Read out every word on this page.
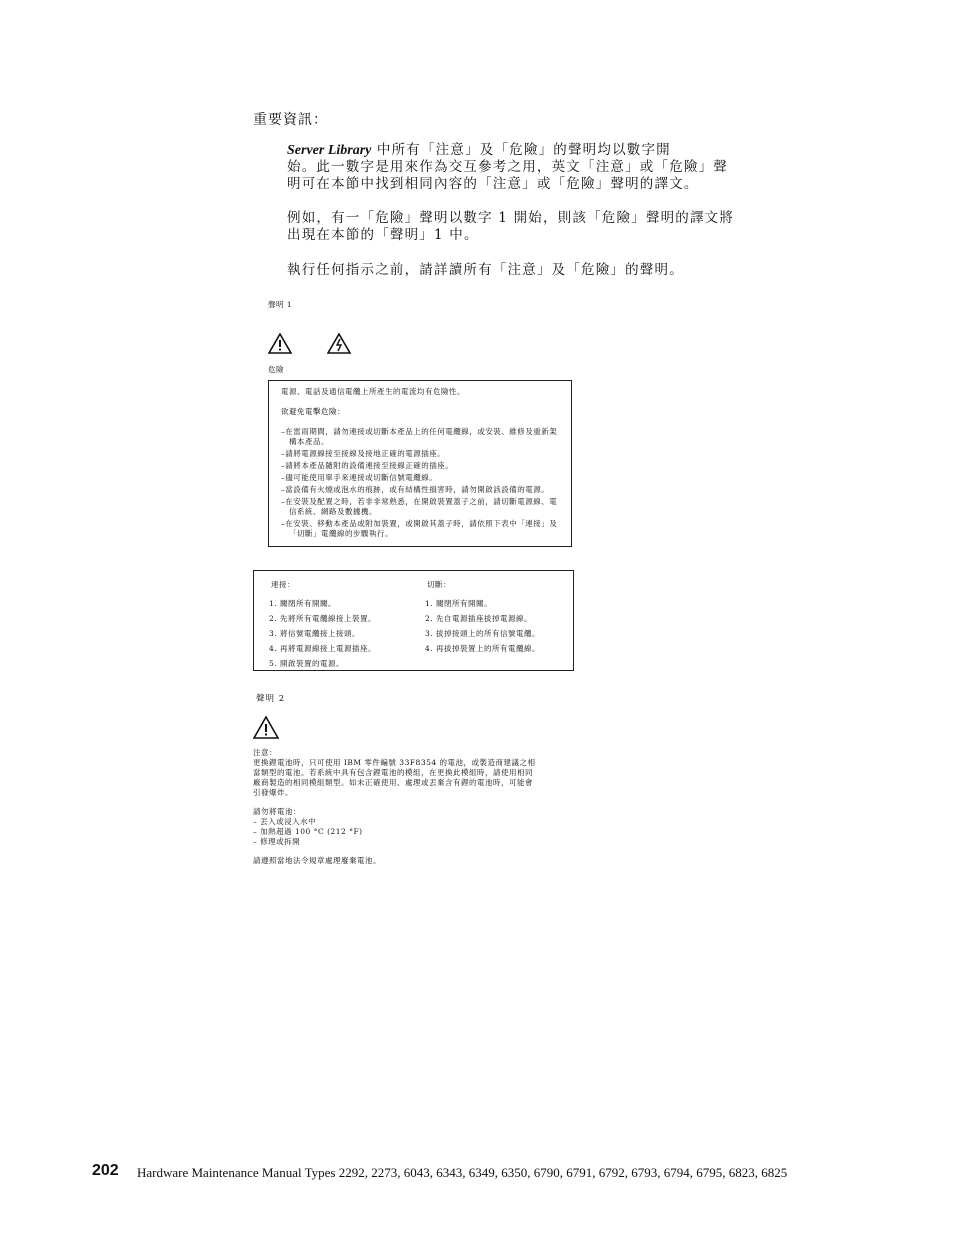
重要資訊：
Server Library 中所有「注意」及「危險」的聲明均以數字開
始。此一數字是用來作為交互參考之用，英文「注意」或「危險」聲
明可在本節中找到相同內容的「注意」或「危險」聲明的譯文。
例如，有一「危險」聲明以數字 1 開始，則該「危險」聲明的譯文將
出現在本節的「聲明」1 中。
執行任何指示之前，請詳讀所有「注意」及「危險」的聲明。
聲明 1

危險

電源、電話及通信電纜上所產生的電流均有危險性。

欲避免電擊危險：

–在雷雨期間，請勿連接或切斷本產品上的任何電纜線，或安裝、維修及重新架構本產品。
–請將電源線接至接線及接地正確的電源插座。
–請將本產品隨附的設備連接至接線正確的插座。
–儘可能使用單手來連接或切斷信號電纜線。
–當設備有火燒或泡水的痕跡，或有結構性損害時，請勿開啟該設備的電源。
–在安裝及配置之時，若非非常熟悉，在開啟裝置蓋子之前，請切斷電源線、電信系統、網路及數據機。
–在安裝、移動本產品或附加裝置，或開啟其蓋子時，請依照下表中「連接」及「切斷」電纜線的步驟執行。
連接：
1. 關閉所有開關。
2. 先將所有電纜線接上裝置。
3. 將信號電纜接上接頭。
4. 再將電源線接上電源插座。
5. 開啟裝置的電源。
切斷：
1. 關閉所有開關。
2. 先自電源插座拔掉電源線。
3. 拔掉接頭上的所有信號電纜。
4. 再拔掉裝置上的所有電纜線。
聲明 2

注意：

更換鋰電池時，只可使用 IBM 零件編號 33F8354 的電池，或製造商建議之相

當類型的電池。若系統中具有包含鋰電池的模組，在更換此模組時，請使用相同

廠商製造的相同模組類型。如未正確使用、處理或丟棄含有鋰的電池時，可能會

引發爆炸。

請勿將電池：

– 丟入或浸入水中

– 加熱超過 100 °C (212 °F)

– 修理或拆開

請遵照當地法令規章處理廢棄電池。

202 Hardware Maintenance Manual Types 2292, 2273, 6043, 6343, 6349, 6350, 6790, 6791, 6792, 6793, 6794, 6795, 6823, 6825
